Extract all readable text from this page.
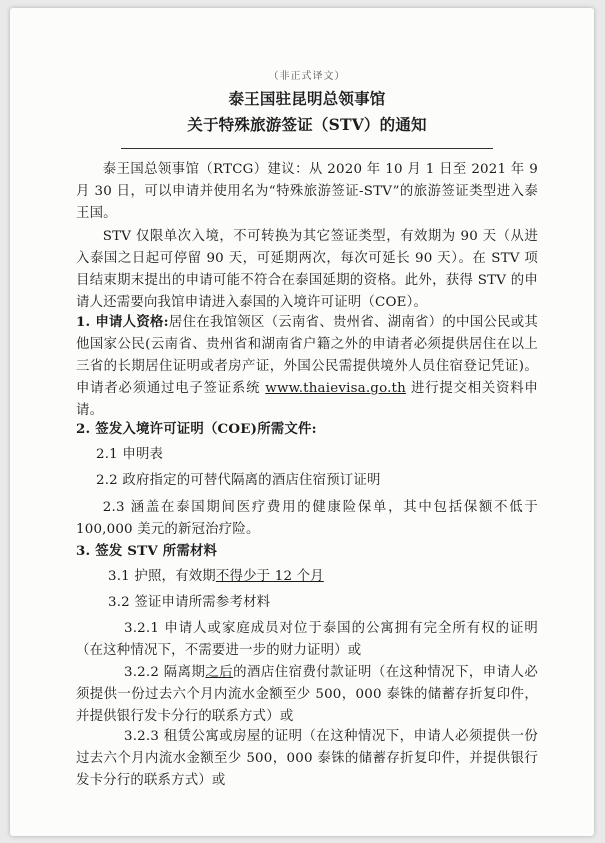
（非正式译文）
泰王国驻昆明总领事馆
关于特殊旅游签证（STV）的通知
泰王国总领事馆（RTCG）建议：从 2020 年 10 月 1 日至 2021 年 9 月 30 日，可以申请并使用名为“特殊旅游签证-STV”的旅游签证类型进入泰王国。
STV 仅限单次入境，不可转换为其它签证类型，有效期为 90 天（从进入泰国之日起可停留 90 天，可延期两次，每次可延长 90 天）。在 STV 项目结束期末提出的申请可能不符合在泰国延期的资格。此外，获得 STV 的申请人还需要向我馆申请进入泰国的入境许可证明（COE）。
1. 申请人资格:居住在我馆领区（云南省、贵州省、湖南省）的中国公民或其他国家公民(云南省、贵州省和湖南省户籍之外的申请者必须提供居住在以上三省的长期居住证明或者房产证，外国公民需提供境外人员住宿登记凭证)。申请者必须通过电子签证系统 www.thaievisa.go.th 进行提交相关资料申请。
2. 签发入境许可证明（COE)所需文件:
2.1 申明表
2.2 政府指定的可替代隔离的酒店住宿预订证明
2.3 涵盖在泰国期间医疗费用的健康险保单，其中包括保额不低于 100,000 美元的新冠治疗险。
3. 签发 STV 所需材料
3.1 护照，有效期不得少于 12 个月
3.2 签证申请所需参考材料
3.2.1 申请人或家庭成员对位于泰国的公寓拥有完全所有权的证明（在这种情况下，不需要进一步的财力证明）或
3.2.2 隔离期之后的酒店住宿费付款证明（在这种情况下，申请人必须提供一份过去六个月内流水金额至少 500，000 泰铢的储蓄存折复印件，并提供银行发卡分行的联系方式）或
3.2.3 租赁公寓或房屋的证明（在这种情况下，申请人必须提供一份过去六个月内流水金额至少 500，000 泰铢的储蓄存折复印件，并提供银行发卡分行的联系方式）或
